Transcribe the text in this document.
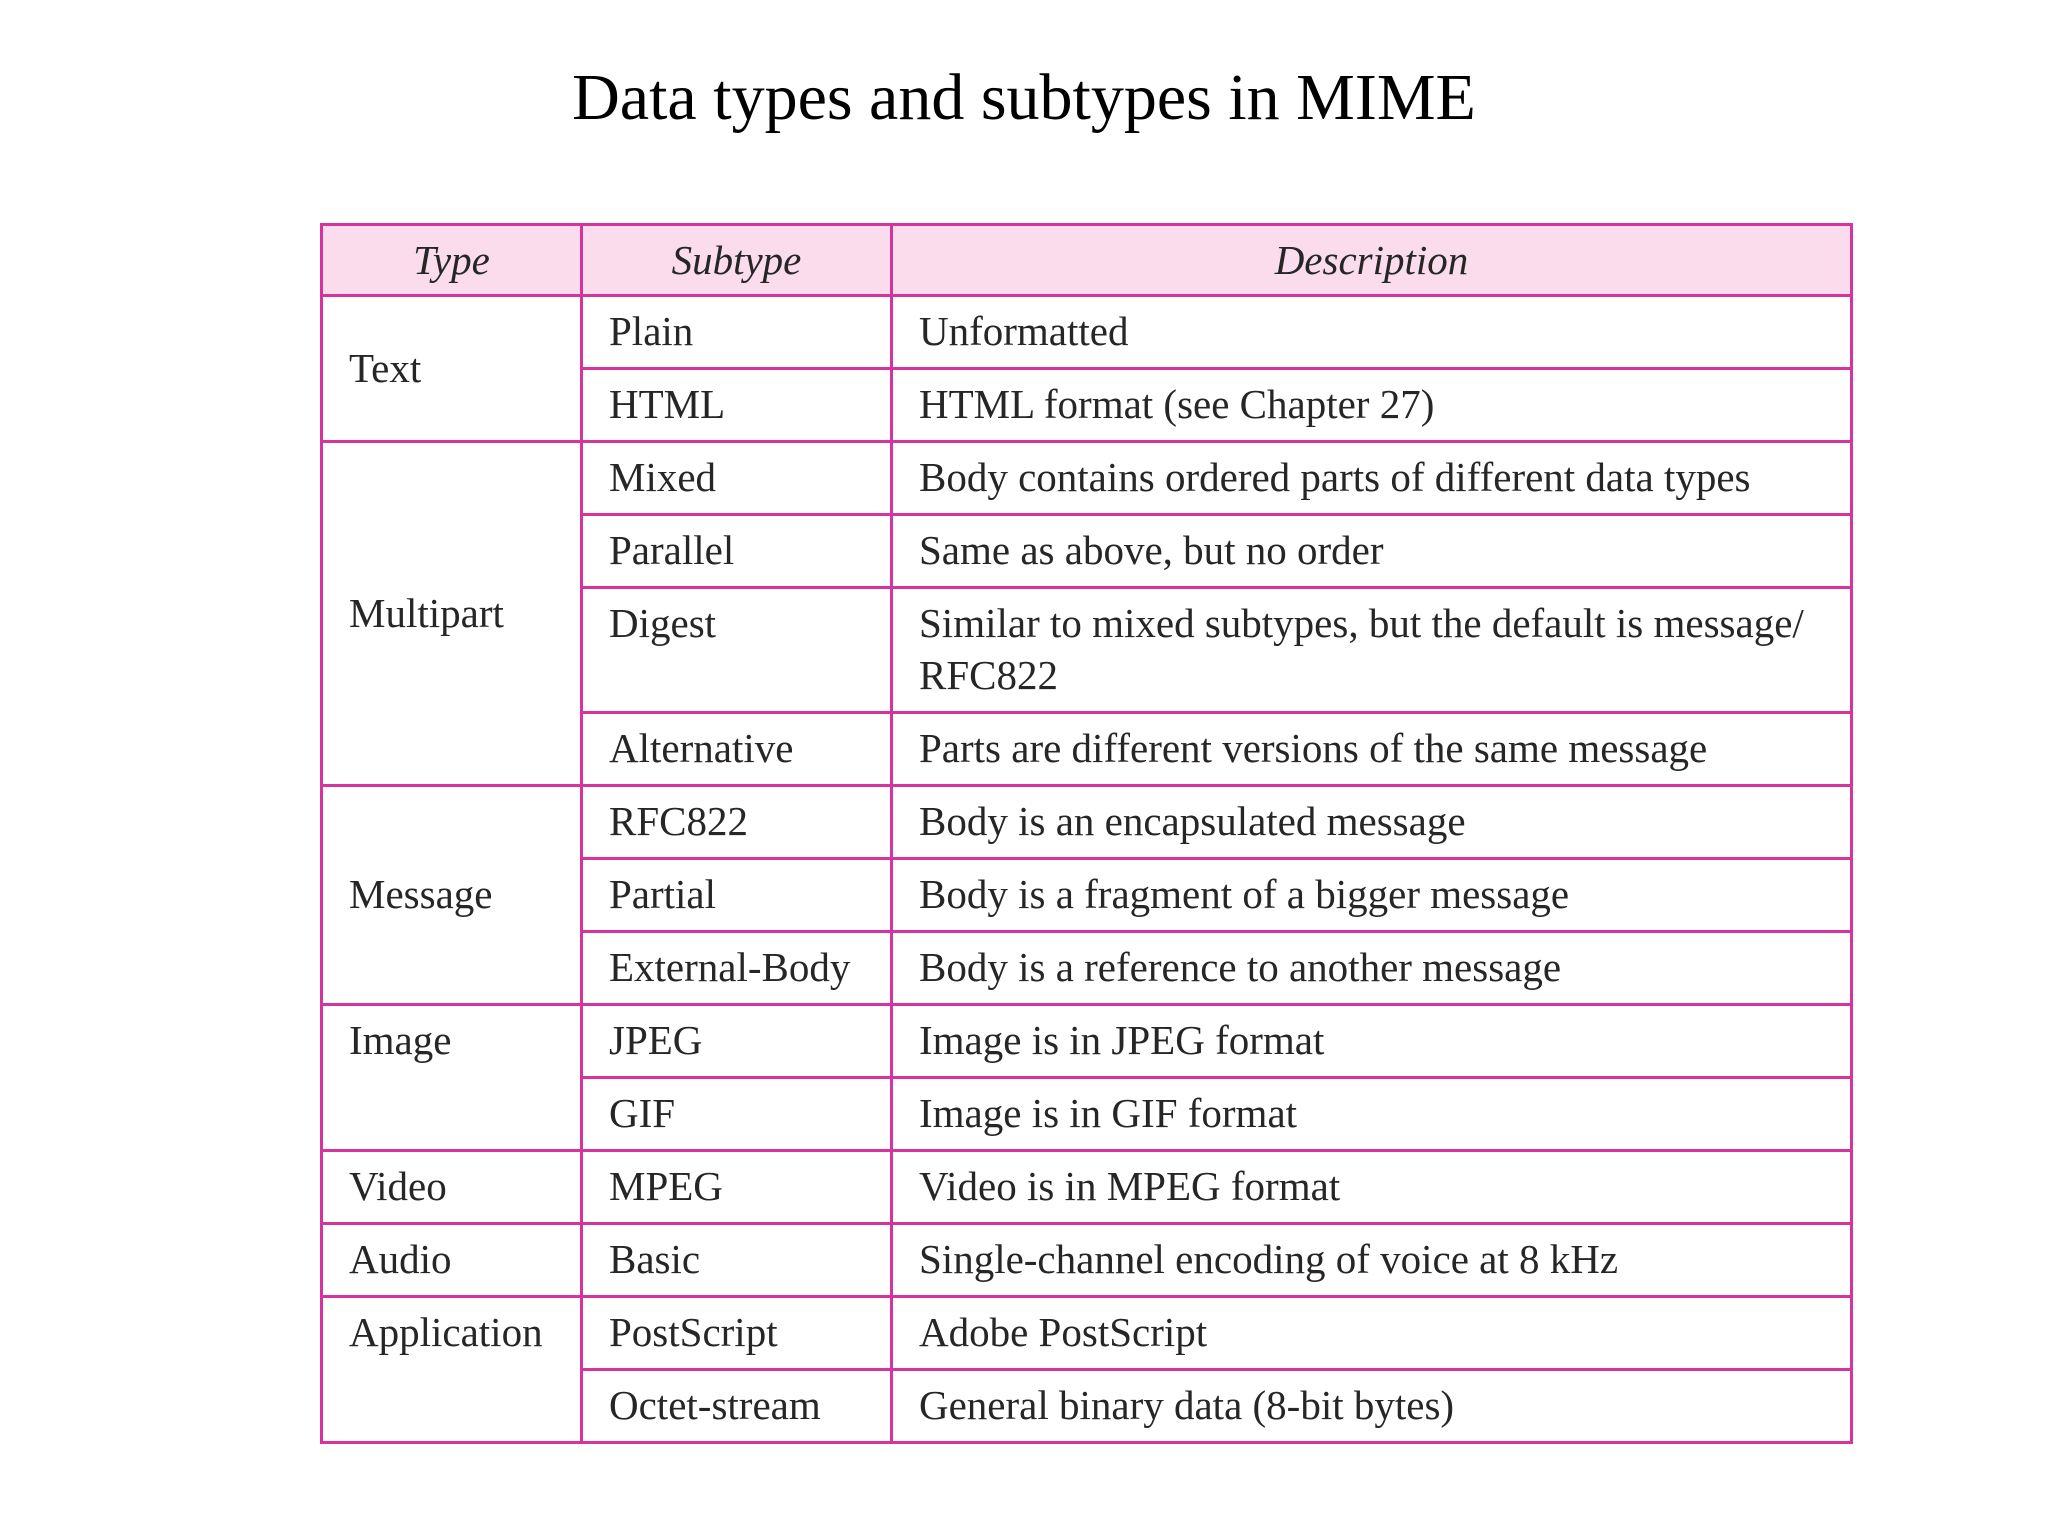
Data types and subtypes in MIME
Type	Subtype	Description
Text	Plain	Unformatted
	HTML	HTML format (see Chapter 27)
Multipart	Mixed	Body contains ordered parts of different data types
	Parallel	Same as above, but no order
	Digest	Similar to mixed subtypes, but the default is message/ RFC822
	Alternative	Parts are different versions of the same message
Message	RFC822	Body is an encapsulated message
	Partial	Body is a fragment of a bigger message
	External-Body	Body is a reference to another message
Image	JPEG	Image is in JPEG format
	GIF	Image is in GIF format
Video	MPEG	Video is in MPEG format
Audio	Basic	Single-channel encoding of voice at 8 kHz
Application	PostScript	Adobe PostScript
	Octet-stream	General binary data (8-bit bytes)
